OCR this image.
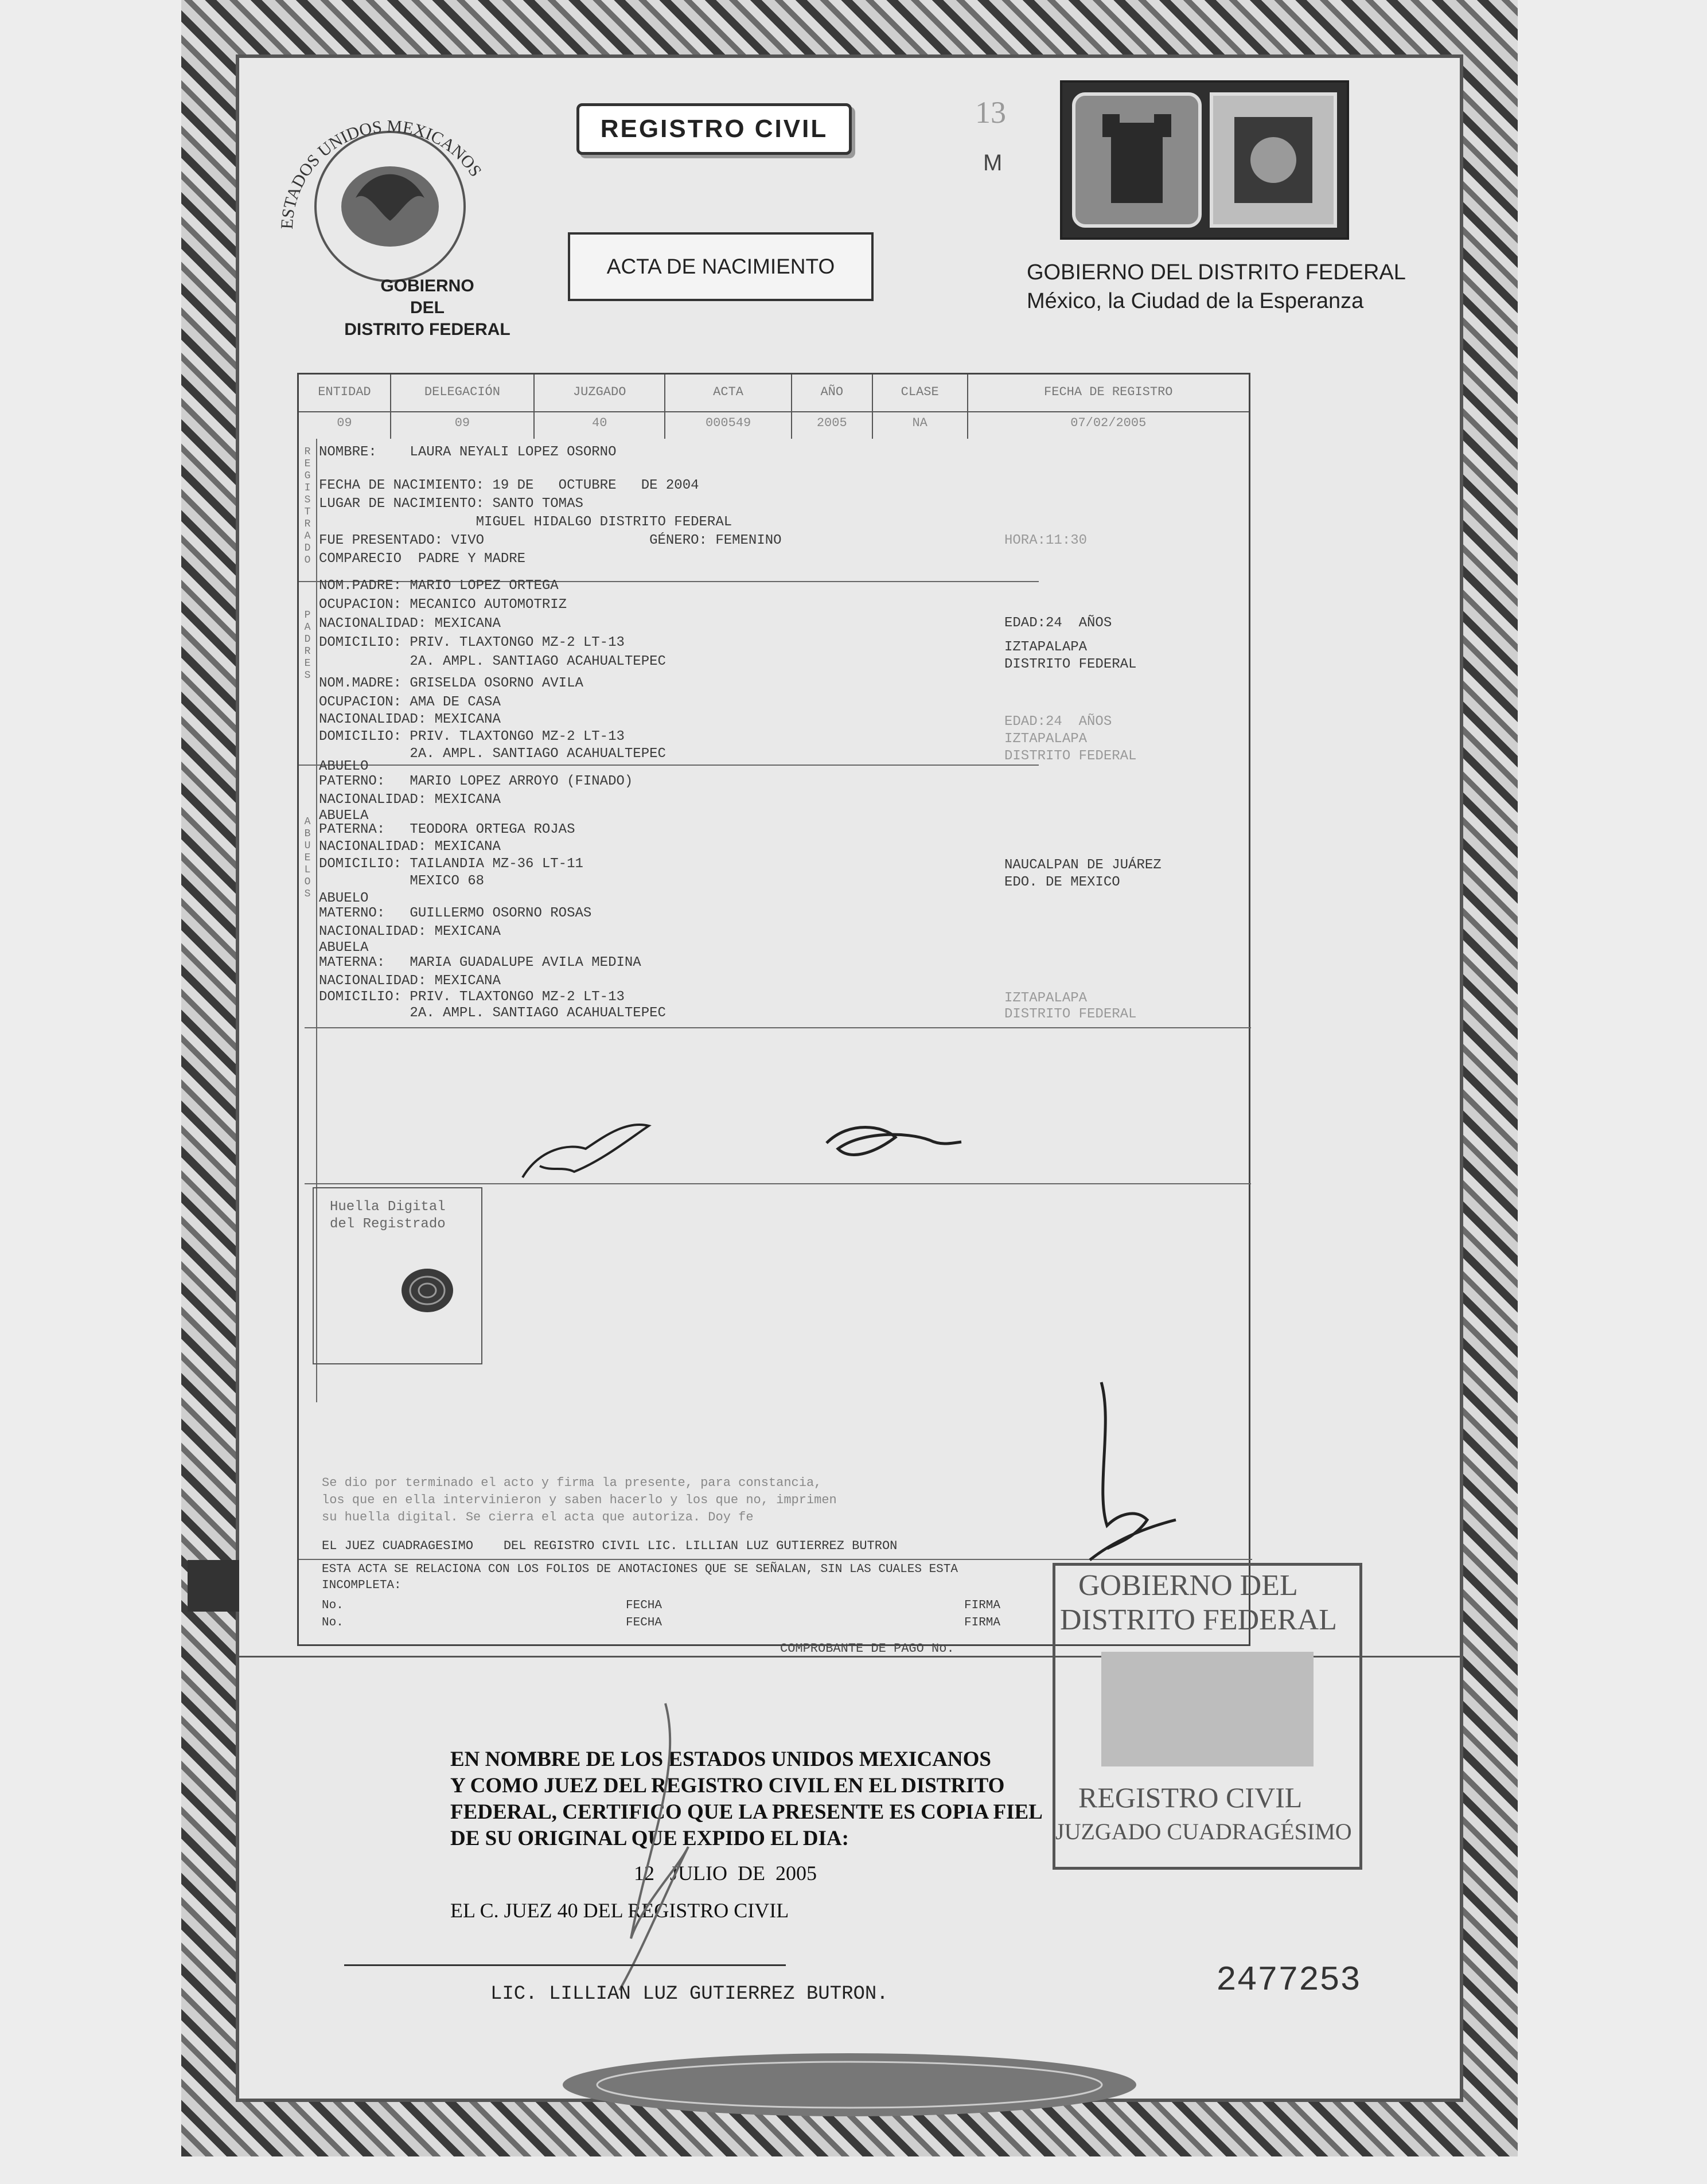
ESTADOS UNIDOS MEXICANOS
GOBIERNO
DEL
DISTRITO FEDERAL
REGISTRO CIVIL
ACTA DE NACIMIENTO
13
M
GOBIERNO DEL DISTRITO FEDERAL
México, la Ciudad de la Esperanza
ENTIDAD
09
DELEGACIÓN
09
JUZGADO
40
ACTA
000549
AÑO
2005
CLASE
NA
FECHA DE REGISTRO
07/02/2005
REGISTRADO
PADRES
ABUELOS
NOMBRE:    LAURA NEYALI LOPEZ OSORNO
FECHA DE NACIMIENTO: 19 DE   OCTUBRE   DE 2004
LUGAR DE NACIMIENTO: SANTO TOMAS
MIGUEL HIDALGO DISTRITO FEDERAL
FUE PRESENTADO: VIVO                    GÉNERO: FEMENINO
COMPARECIO  PADRE Y MADRE
HORA:11:30
NOM.PADRE: MARIO LOPEZ ORTEGA
OCUPACION: MECANICO AUTOMOTRIZ
NACIONALIDAD: MEXICANA
DOMICILIO: PRIV. TLAXTONGO MZ-2 LT-13
2A. AMPL. SANTIAGO ACAHUALTEPEC
NOM.MADRE: GRISELDA OSORNO AVILA
OCUPACION: AMA DE CASA
NACIONALIDAD: MEXICANA
DOMICILIO: PRIV. TLAXTONGO MZ-2 LT-13
2A. AMPL. SANTIAGO ACAHUALTEPEC
EDAD:24  AÑOS
IZTAPALAPA
DISTRITO FEDERAL
EDAD:24  AÑOS
IZTAPALAPA
DISTRITO FEDERAL
ABUELO
PATERNO:   MARIO LOPEZ ARROYO (FINADO)
NACIONALIDAD: MEXICANA
ABUELA
PATERNA:   TEODORA ORTEGA ROJAS
NACIONALIDAD: MEXICANA
DOMICILIO: TAILANDIA MZ-36 LT-11
MEXICO 68
ABUELO
MATERNO:   GUILLERMO OSORNO ROSAS
NACIONALIDAD: MEXICANA
ABUELA
MATERNA:   MARIA GUADALUPE AVILA MEDINA
NACIONALIDAD: MEXICANA
DOMICILIO: PRIV. TLAXTONGO MZ-2 LT-13
2A. AMPL. SANTIAGO ACAHUALTEPEC
NAUCALPAN DE JUÁREZ
EDO. DE MEXICO
IZTAPALAPA
DISTRITO FEDERAL
Se dio por terminado el acto y firma la presente, para constancia,
los que en ella intervinieron y saben hacerlo y los que no, imprimen
su huella digital. Se cierra el acta que autoriza. Doy fe
EL JUEZ CUADRAGESIMO    DEL REGISTRO CIVIL LIC. LILLIAN LUZ GUTIERREZ BUTRON
ESTA ACTA SE RELACIONA CON LOS FOLIOS DE ANOTACIONES QUE SE SEÑALAN, SIN LAS CUALES ESTA
INCOMPLETA:
No.
No.
FECHA
FECHA
FIRMA
FIRMA
Huella Digital
del Registrado
COMPROBANTE DE PAGO No.
GOBIERNO DEL
DISTRITO FEDERAL
REGISTRO CIVIL
JUZGADO CUADRAGÉSIMO
EN NOMBRE DE LOS ESTADOS UNIDOS MEXICANOS
Y COMO JUEZ DEL REGISTRO CIVIL EN EL DISTRITO
FEDERAL, CERTIFICO QUE LA PRESENTE ES COPIA FIEL
DE SU ORIGINAL QUE EXPIDO EL DIA:
12 JULIO DE 2005
EL C. JUEZ 40 DEL REGISTRO CIVIL
LIC. LILLIAN LUZ GUTIERREZ BUTRON.	2477253
